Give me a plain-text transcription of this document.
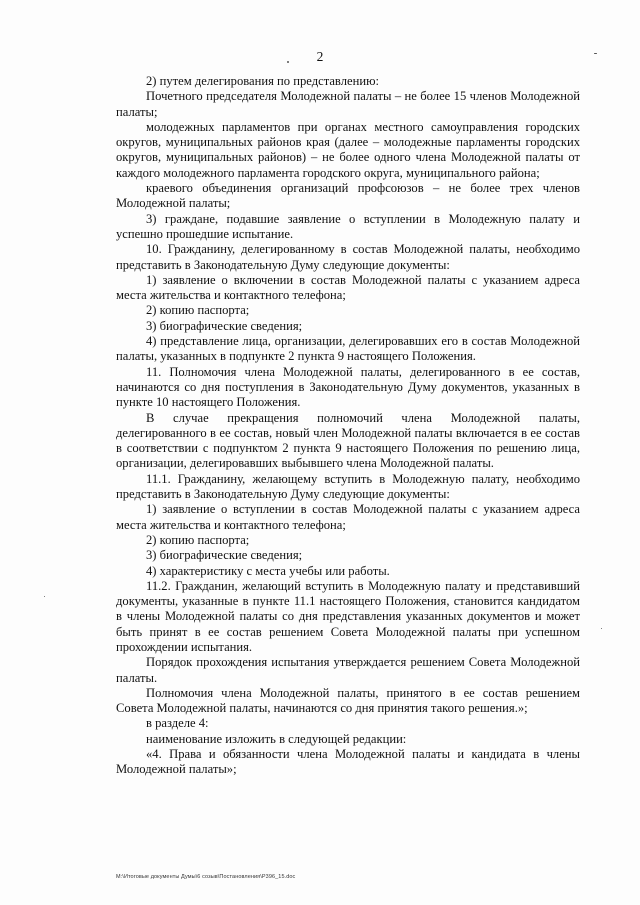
2

2) путем делегирования по представлению:

Почетного председателя Молодежной палаты – не более 15 членов Молодежной палаты;

молодежных парламентов при органах местного самоуправления городских округов, муниципальных районов края (далее – молодежные парламенты городских округов, муниципальных районов) – не более одного члена Молодежной палаты от каждого молодежного парламента городского округа, муниципального района;

краевого объединения организаций профсоюзов – не более трех членов Молодежной палаты;

3) граждане, подавшие заявление о вступлении в Молодежную палату и успешно прошедшие испытание.

10. Гражданину, делегированному в состав Молодежной палаты, необходимо представить в Законодательную Думу следующие документы:

1) заявление о включении в состав Молодежной палаты с указанием адреса места жительства и контактного телефона;

2) копию паспорта;

3) биографические сведения;

4) представление лица, организации, делегировавших его в состав Молодежной палаты, указанных в подпункте 2 пункта 9 настоящего Положения.

11. Полномочия члена Молодежной палаты, делегированного в ее состав, начинаются со дня поступления в Законодательную Думу документов, указанных в пункте 10 настоящего Положения.

В случае прекращения полномочий члена Молодежной палаты, делегированного в ее состав, новый член Молодежной палаты включается в ее состав в соответствии с подпунктом 2 пункта 9 настоящего Положения по решению лица, организации, делегировавших выбывшего члена Молодежной палаты.

11.1. Гражданину, желающему вступить в Молодежную палату, необходимо представить в Законодательную Думу следующие документы:

1) заявление о вступлении в состав Молодежной палаты с указанием адреса места жительства и контактного телефона;

2) копию паспорта;

3) биографические сведения;

4) характеристику с места учебы или работы.

11.2. Гражданин, желающий вступить в Молодежную палату и представивший документы, указанные в пункте 11.1 настоящего Положения, становится кандидатом в члены Молодежной палаты со дня представления указанных документов и может быть принят в ее состав решением Совета Молодежной палаты при успешном прохождении испытания.

Порядок прохождения испытания утверждается решением Совета Молодежной палаты.

Полномочия члена Молодежной палаты, принятого в ее состав решением Совета Молодежной палаты, начинаются со дня принятия такого решения.»;

в разделе 4:

наименование изложить в следующей редакции:

«4. Права и обязанности члена Молодежной палаты и кандидата в члены Молодежной палаты»;

M:\Итоговые документы Думы\6 созыв\Постановления\P396_15.doc
